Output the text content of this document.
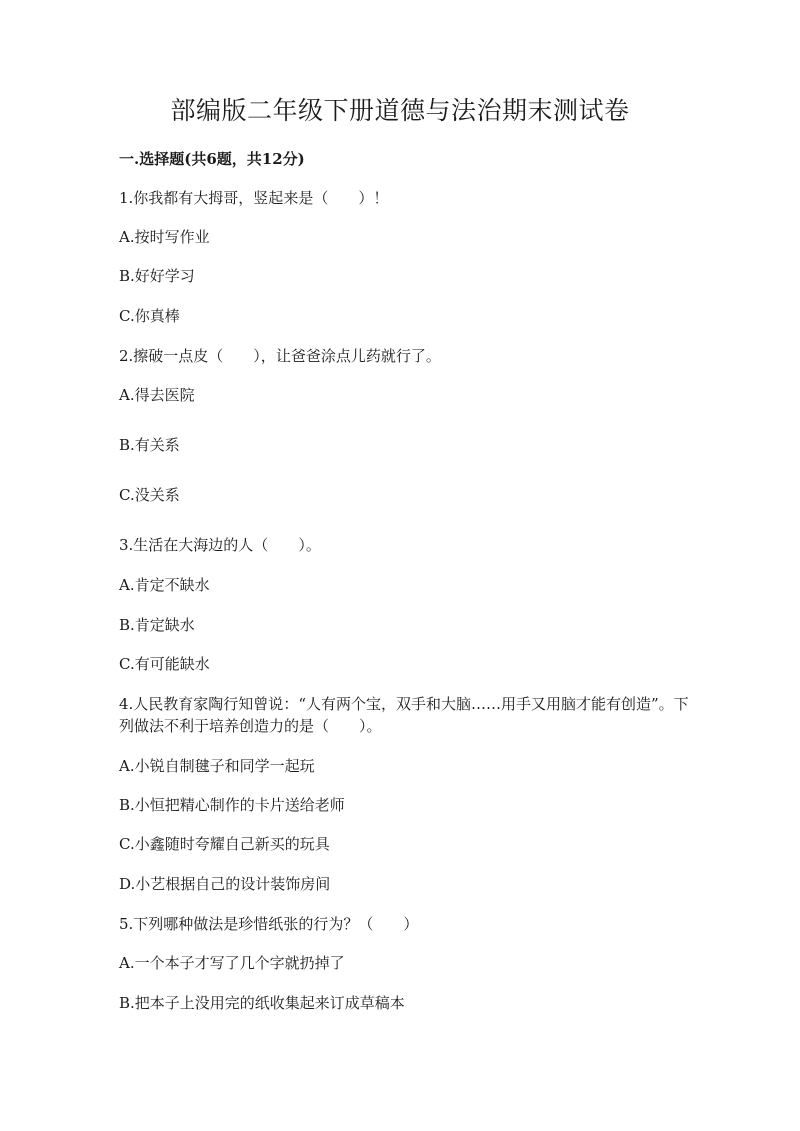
部编版二年级下册道德与法治期末测试卷

一.选择题(共6题，共12分)

1.你我都有大拇哥，竖起来是（　　）！

A.按时写作业

B.好好学习

C.你真棒

2.擦破一点皮（　　），让爸爸涂点儿药就行了。

A.得去医院

B.有关系

C.没关系

3.生活在大海边的人（　　）。

A.肯定不缺水

B.肯定缺水

C.有可能缺水

4.人民教育家陶行知曾说：“人有两个宝，双手和大脑……用手又用脑才能有创造”。下列做法不利于培养创造力的是（　　）。

A.小锐自制毽子和同学一起玩

B.小恒把精心制作的卡片送给老师

C.小鑫随时夸耀自己新买的玩具

D.小艺根据自己的设计装饰房间

5.下列哪种做法是珍惜纸张的行为？（　　）

A.一个本子才写了几个字就扔掉了

B.把本子上没用完的纸收集起来订成草稿本
